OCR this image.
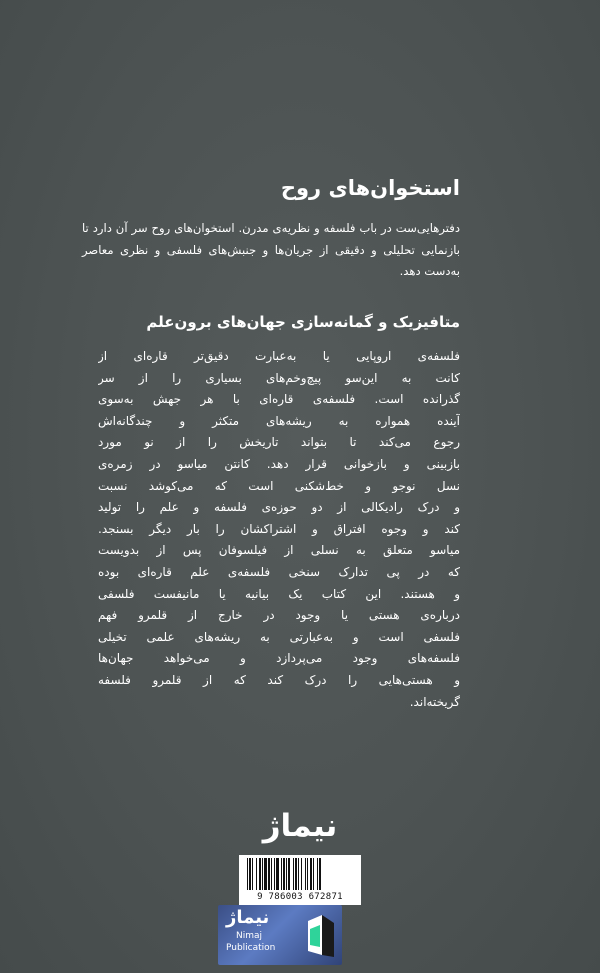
استخوان‌های روح
دفترهایی‌ست در باب فلسفه و نظریه‌ی مدرن. استخوان‌های روح سر آن دارد تا بازنمایی تحلیلی و دقیقی از جریان‌ها و جنبش‌های فلسفی و نظری معاصر به‌دست دهد.
متافیزیک و گمانه‌سازی جهان‌های برون‌علم
فلسفه‌ی اروپایی یا به‌عبارت دقیق‌تر قاره‌ای از
کانت به این‌سو پیچ‌وخم‌های بسیاری را از سر
گذرانده است. فلسفه‌ی قاره‌ای با هر جهش به‌سوی
آینده همواره به ریشه‌های متکثر و چندگانه‌اش
رجوع می‌کند تا بتواند تاریخش را از نو مورد
بازبینی و بازخوانی قرار دهد. کانتن میاسو در زمره‌ی
نسل نوجو و خط‌شکنی است که می‌کوشد نسبت
و درک رادیکالی از دو حوزه‌ی فلسفه و علم را تولید
کند و وجوه افتراق و اشتراکشان را بار دیگر بسنجد.
میاسو متعلق به نسلی از فیلسوفان پس از بدویست
که در پی تدارک سنخی فلسفه‌ی علم قاره‌ای بوده
و هستند. این کتاب یک بیانیه یا مانیفست فلسفی
درباره‌ی هستی یا وجود در خارج از قلمرو فهم
فلسفی است و به‌عبارتی به ریشه‌های علمی تخیلی
فلسفه‌های وجود می‌پردازد و می‌خواهد جهان‌ها
و هستی‌هایی را درک کند که از قلمرو فلسفه
گریخته‌اند.
نیماژ
9 786003 672871
نیماژ
Nimaj
Publication
